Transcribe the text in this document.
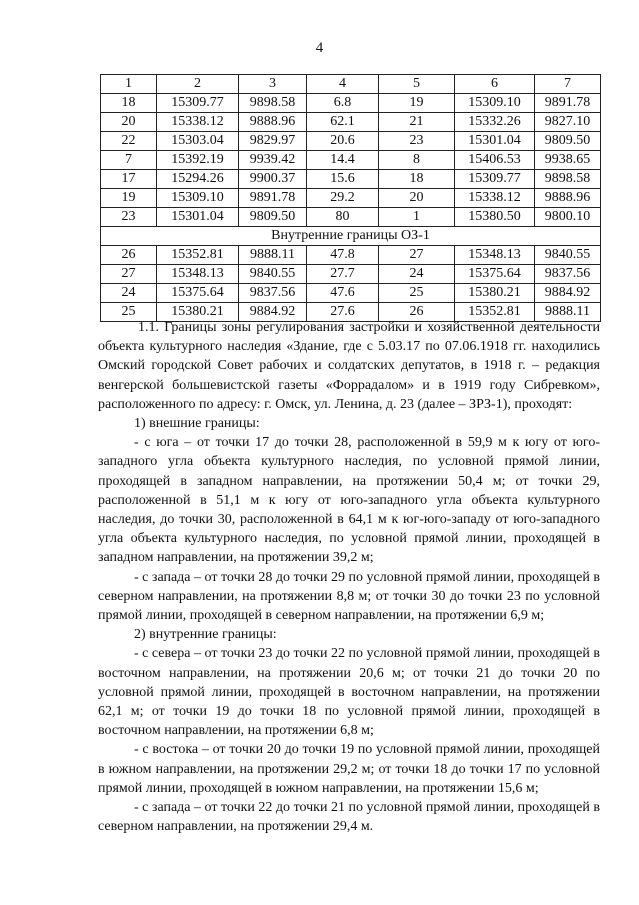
4
1	2	3	4	5	6	7
18	15309.77	9898.58	6.8	19	15309.10	9891.78
20	15338.12	9888.96	62.1	21	15332.26	9827.10
22	15303.04	9829.97	20.6	23	15301.04	9809.50
7	15392.19	9939.42	14.4	8	15406.53	9938.65
17	15294.26	9900.37	15.6	18	15309.77	9898.58
19	15309.10	9891.78	29.2	20	15338.12	9888.96
23	15301.04	9809.50	80	1	15380.50	9800.10
Внутренние границы ОЗ-1						
26	15352.81	9888.11	47.8	27	15348.13	9840.55
27	15348.13	9840.55	27.7	24	15375.64	9837.56
24	15375.64	9837.56	47.6	25	15380.21	9884.92
25	15380.21	9884.92	27.6	26	15352.81	9888.11

1.1. Границы зоны регулирования застройки и хозяйственной деятельности объекта культурного наследия «Здание, где с 5.03.17 по 07.06.1918 гг. находились Омский городской Совет рабочих и солдатских депутатов, в 1918 г. – редакция венгерской большевистской газеты «Форрадалом» и в 1919 году Сибревком», расположенного по адресу: г. Омск, ул. Ленина, д. 23 (далее – ЗРЗ-1), проходят:

1) внешние границы:

- с юга – от точки 17 до точки 28, расположенной в 59,9 м к югу от юго-западного угла объекта культурного наследия, по условной прямой линии, проходящей в западном направлении, на протяжении 50,4 м; от точки 29, расположенной в 51,1 м к югу от юго-западного угла объекта культурного наследия, до точки 30, расположенной в 64,1 м к юг-юго-западу от юго-западного угла объекта культурного наследия, по условной прямой линии, проходящей в западном направлении, на протяжении 39,2 м;

- с запада – от точки 28 до точки 29 по условной прямой линии, проходящей в северном направлении, на протяжении 8,8 м; от точки 30 до точки 23 по условной прямой линии, проходящей в северном направлении, на протяжении 6,9 м;

2) внутренние границы:

- с севера – от точки 23 до точки 22 по условной прямой линии, проходящей в восточном направлении, на протяжении 20,6 м; от точки 21 до точки 20 по условной прямой линии, проходящей в восточном направлении, на протяжении 62,1 м; от точки 19 до точки 18 по условной прямой линии, проходящей в восточном направлении, на протяжении 6,8 м;

- с востока – от точки 20 до точки 19 по условной прямой линии, проходящей в южном направлении, на протяжении 29,2 м; от точки 18 до точки 17 по условной прямой линии, проходящей в южном направлении, на протяжении 15,6 м;

- с запада – от точки 22 до точки 21 по условной прямой линии, проходящей в северном направлении, на протяжении 29,4 м.
